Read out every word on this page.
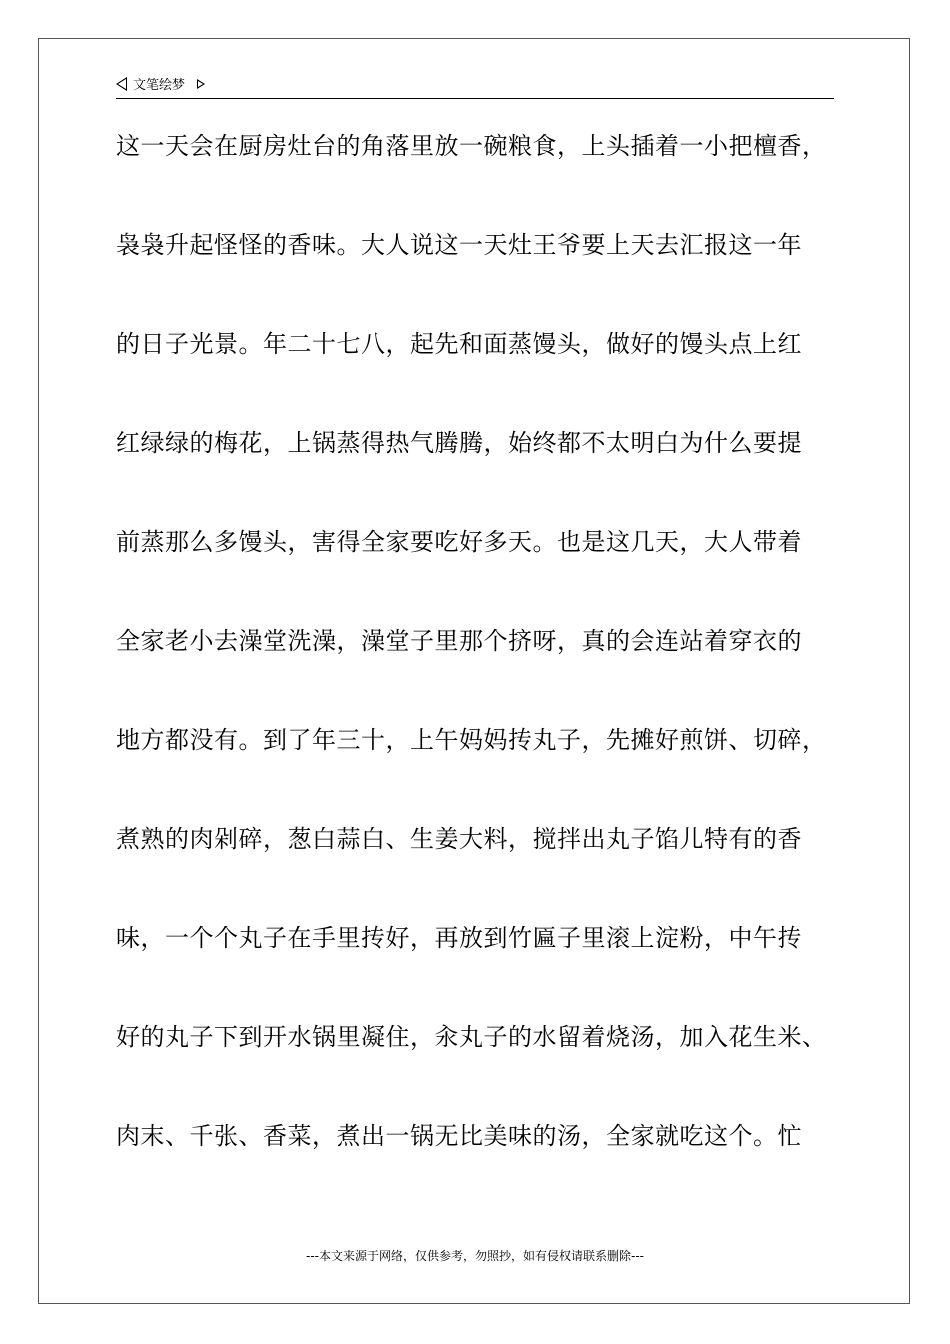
文笔绘梦
这一天会在厨房灶台的角落里放一碗粮食，上头插着一小把檀香，
袅袅升起怪怪的香味。大人说这一天灶王爷要上天去汇报这一年
的日子光景。年二十七八，起先和面蒸馒头，做好的馒头点上红
红绿绿的梅花，上锅蒸得热气腾腾，始终都不太明白为什么要提
前蒸那么多馒头，害得全家要吃好多天。也是这几天，大人带着
全家老小去澡堂洗澡，澡堂子里那个挤呀，真的会连站着穿衣的
地方都没有。到了年三十，上午妈妈抟丸子，先摊好煎饼、切碎，
煮熟的肉剁碎，葱白蒜白、生姜大料，搅拌出丸子馅儿特有的香
味，一个个丸子在手里抟好，再放到竹匾子里滚上淀粉，中午抟
好的丸子下到开水锅里凝住，汆丸子的水留着烧汤，加入花生米、
肉末、千张、香菜，煮出一锅无比美味的汤，全家就吃这个。忙
---本文来源于网络，仅供参考，勿照抄，如有侵权请联系删除---
